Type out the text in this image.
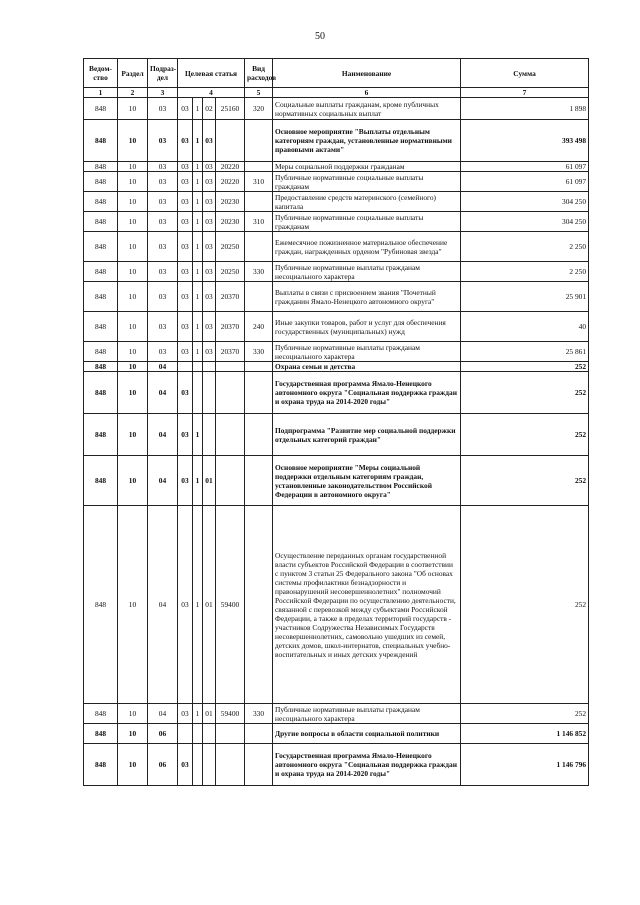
50
Ведом-ство	Раздел	Подраз-дел	Целевая статья				Вид расходов	Наименование	Сумма
1	2	3	4				5	6	7
848	10	03	03	1	02	25160	320	Социальные выплаты гражданам, кроме публичных нормативных социальных выплат	1 898
848	10	03	03	1	03			Основное мероприятие "Выплаты отдельным категориям граждан, установленные нормативными правовыми актами"	393 498
848	10	03	03	1	03	20220		Меры социальной поддержки гражданам	61 097
848	10	03	03	1	03	20220	310	Публичные нормативные социальные выплаты гражданам	61 097
848	10	03	03	1	03	20230		Предоставление средств материнского (семейного) капитала	304 250
848	10	03	03	1	03	20230	310	Публичные нормативные социальные выплаты гражданам	304 250
848	10	03	03	1	03	20250		Ежемесячное пожизненное материальное обеспечение граждан, награжденных орденом "Рубиновая звезда"	2 250
848	10	03	03	1	03	20250	330	Публичные нормативные выплаты гражданам несоциального характера	2 250
848	10	03	03	1	03	20370		Выплаты в связи с присвоением звания "Почетный гражданин Ямало-Ненецкого автономного округа"	25 901
848	10	03	03	1	03	20370	240	Иные закупки товаров, работ и услуг для обеспечения государственных (муниципальных) нужд	40
848	10	03	03	1	03	20370	330	Публичные нормативные выплаты гражданам несоциального характера	25 861
848	10	04						Охрана семьи и детства	252
848	10	04	03					Государственная программа Ямало-Ненецкого автономного округа "Социальная поддержка граждан и охрана труда на 2014-2020 годы"	252
848	10	04	03	1				Подпрограмма "Развитие мер социальной поддержки отдельных категорий граждан"	252
848	10	04	03	1	01			Основное мероприятие "Меры социальной поддержки отдельным категориям граждан, установленные законодательством Российской Федерации в автономного округа"	252
848	10	04	03	1	01	59400		Осуществление переданных органам государственной власти субъектов Российской Федерации в соответствии с пунктом 3 статьи 25 Федерального закона "Об основах системы профилактики безнадзорности и правонарушений несовершеннолетних" полномочий Российской Федерации по осуществлению деятельности, связанной с перевозкой между субъектами Российской Федерации, а также в пределах территорий государств - участников Содружества Независимых Государств несовершеннолетних, самовольно ушедших из семей, детских домов, школ-интернатов, специальных учебно-воспитательных и иных детских учреждений	252
848	10	04	03	1	01	59400	330	Публичные нормативные выплаты гражданам несоциального характера	252
848	10	06						Другие вопросы в области социальной политики	1 146 852
848	10	06	03					Государственная программа Ямало-Ненецкого автономного округа "Социальная поддержка граждан и охрана труда на 2014-2020 годы"	1 146 796
